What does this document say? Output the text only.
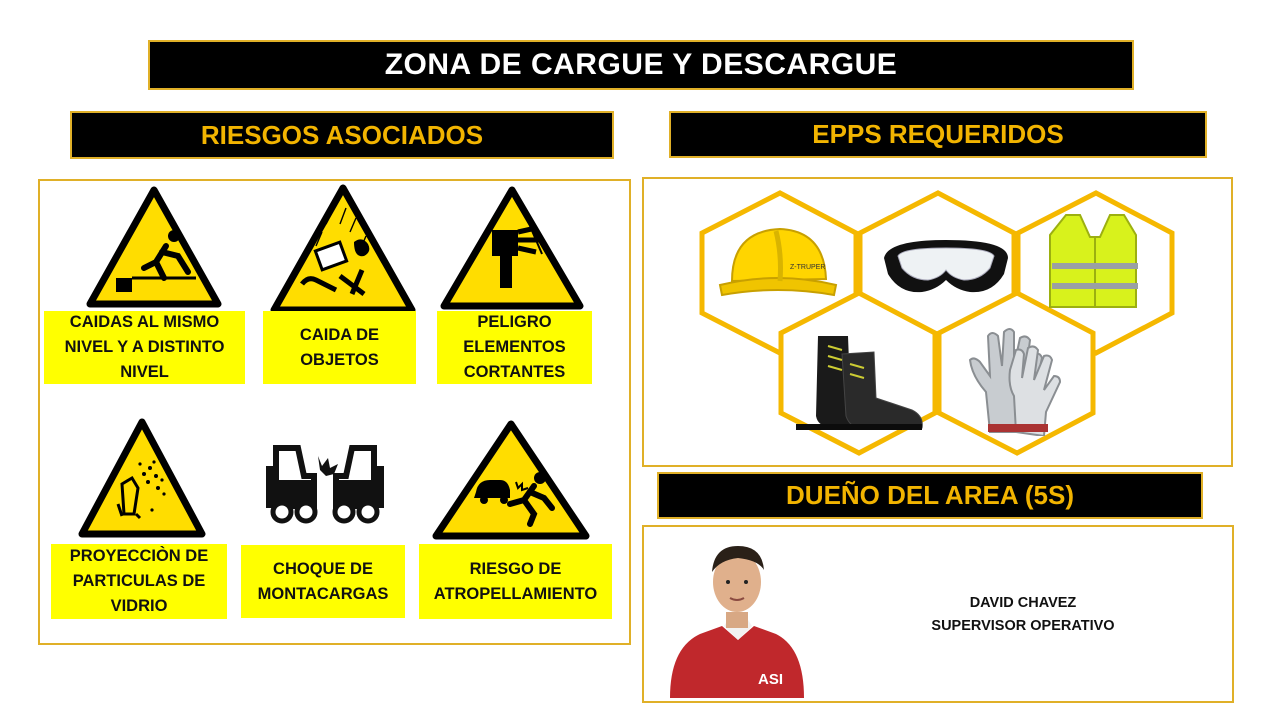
ZONA DE CARGUE Y DESCARGUE
RIESGOS ASOCIADOS	EPPS REQUERIDOS
DUEÑO DEL AREA (5S)
CAIDAS AL MISMO
NIVEL Y A DISTINTO
NIVEL
CAIDA DE
OBJETOS
PELIGRO
ELEMENTOS
CORTANTES
PROYECCIÒN DE
PARTICULAS DE
VIDRIO
CHOQUE DE
MONTACARGAS
RIESGO DE
ATROPELLAMIENTO
Z-TRUPER
ASI
DAVID CHAVEZ
SUPERVISOR OPERATIVO
